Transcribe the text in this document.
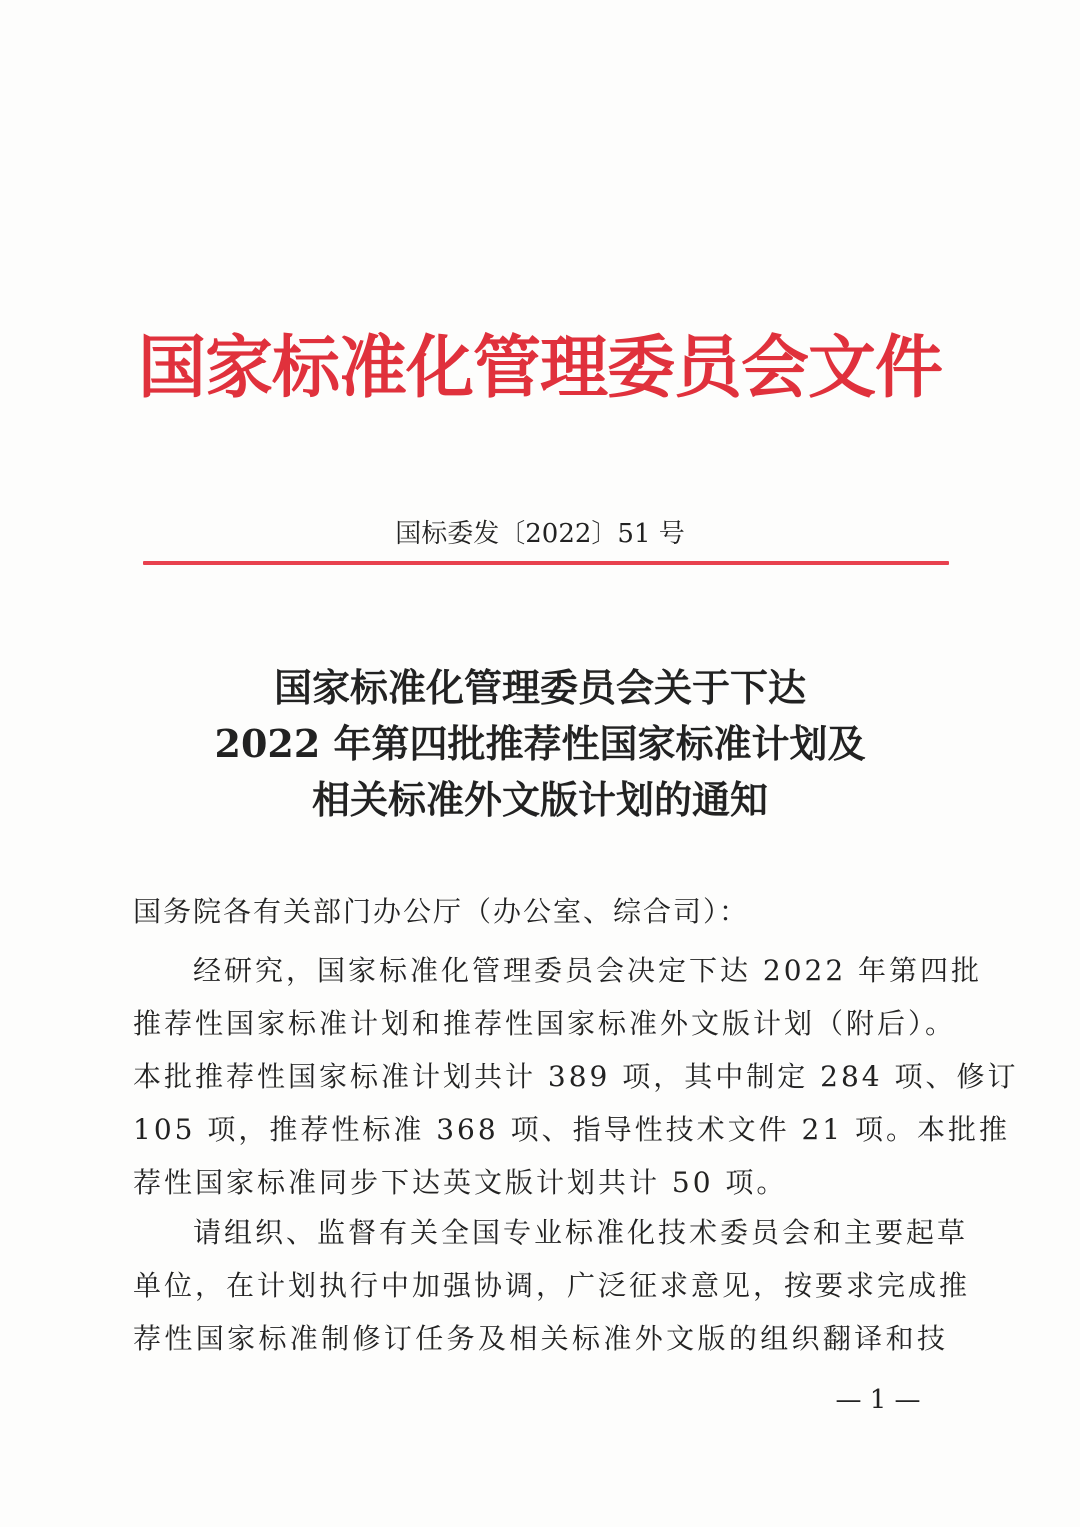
国家标准化管理委员会文件
国标委发〔2022〕51 号
国家标准化管理委员会关于下达
2022 年第四批推荐性国家标准计划及
相关标准外文版计划的通知
国务院各有关部门办公厅（办公室、综合司）：

经研究，国家标准化管理委员会决定下达 2022 年第四批
推荐性国家标准计划和推荐性国家标准外文版计划（附后）。
本批推荐性国家标准计划共计 389 项，其中制定 284 项、修订
105 项，推荐性标准 368 项、指导性技术文件 21 项。本批推
荐性国家标准同步下达英文版计划共计 50 项。

请组织、监督有关全国专业标准化技术委员会和主要起草
单位，在计划执行中加强协调，广泛征求意见，按要求完成推
荐性国家标准制修订任务及相关标准外文版的组织翻译和技

— 1 —
